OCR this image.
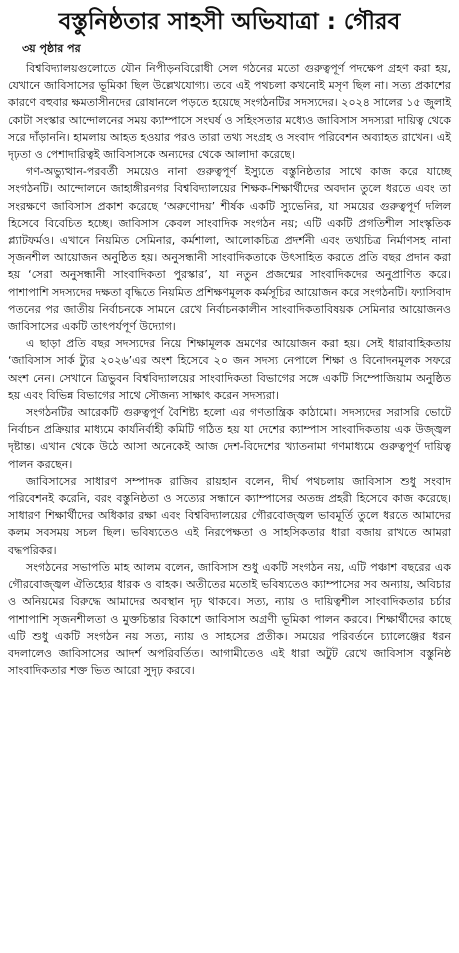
বস্তুনিষ্ঠতার সাহসী অভিযাত্রা : গৌরব
৩য় পৃষ্ঠার পর

বিশ্ববিদ্যালয়গুলোতে যৌন নিপীড়নবিরোধী সেল গঠনের মতো গুরুত্বপূর্ণ পদক্ষেপ গ্রহণ করা হয়, যেখানে জাবিসাসের ভূমিকা ছিল উল্লেখযোগ্য। তবে এই পথচলা কখনোই মসৃণ ছিল না। সত্য প্রকাশের কারণে বহুবার ক্ষমতাসীনদের রোষানলে পড়তে হয়েছে সংগঠনটির সদস্যদের। ২০২৪ সালের ১৫ জুলাই কোটা সংস্কার আন্দোলনের সময় ক্যাম্পাসে সংঘর্ষ ও সহিংসতার মধ্যেও জাবিসাস সদস্যরা দায়িত্ব থেকে সরে দাঁড়াননি। হামলায় আহত হওয়ার পরও তারা তথ্য সংগ্রহ ও সংবাদ পরিবেশন অব্যাহত রাখেন। এই দৃঢ়তা ও পেশাদারিত্বই জাবিসাসকে অন্যদের থেকে আলাদা করেছে।

গণ-অভ্যুত্থান-পরবর্তী সময়েও নানা গুরুত্বপূর্ণ ইস্যুতে বস্তুনিষ্ঠতার সাথে কাজ করে যাচ্ছে সংগঠনটি। আন্দোলনে জাহাঙ্গীরনগর বিশ্ববিদ্যালয়ের শিক্ষক-শিক্ষার্থীদের অবদান তুলে ধরতে এবং তা সংরক্ষণে জাবিসাস প্রকাশ করেছে ‘অরুণোদয়’ শীর্ষক একটি স্যুভেনির, যা সময়ের গুরুত্বপূর্ণ দলিল হিসেবে বিবেচিত হচ্ছে। জাবিসাস কেবল সাংবাদিক সংগঠন নয়; এটি একটি প্রগতিশীল সাংস্কৃতিক প্ল্যাটফর্মও। এখানে নিয়মিত সেমিনার, কর্মশালা, আলোকচিত্র প্রদর্শনী এবং তথ্যচিত্র নির্মাণসহ নানা সৃজনশীল আয়োজন অনুষ্ঠিত হয়। অনুসন্ধানী সাংবাদিকতাকে উৎসাহিত করতে প্রতি বছর প্রদান করা হয় ‘সেরা অনুসন্ধানী সাংবাদিকতা পুরস্কার’, যা নতুন প্রজন্মের সাংবাদিকদের অনুপ্রাণিত করে। পাশাপাশি সদস্যদের দক্ষতা বৃদ্ধিতে নিয়মিত প্রশিক্ষণমূলক কর্মসূচির আয়োজন করে সংগঠনটি। ফ্যাসিবাদ পতনের পর জাতীয় নির্বাচনকে সামনে রেখে নির্বাচনকালীন সাংবাদিকতাবিষয়ক সেমিনার আয়োজনও জাবিসাসের একটি তাৎপর্যপূর্ণ উদ্যোগ।

এ ছাড়া প্রতি বছর সদস্যদের নিয়ে শিক্ষামূলক ভ্রমণের আয়োজন করা হয়। সেই ধারাবাহিকতায় ‘জাবিসাস সার্ক ট্যুর ২০২৬’এর অংশ হিসেবে ২০ জন সদস্য নেপালে শিক্ষা ও বিনোদনমূলক সফরে অংশ নেন। সেখানে ত্রিভুবন বিশ্ববিদ্যালয়ের সাংবাদিকতা বিভাগের সঙ্গে একটি সিম্পোজিয়াম অনুষ্ঠিত হয় এবং বিভিন্ন বিভাগের সাথে সৌজন্য সাক্ষাৎ করেন সদস্যরা।

সংগঠনটির আরেকটি গুরুত্বপূর্ণ বৈশিষ্ট্য হলো এর গণতান্ত্রিক কাঠামো। সদস্যদের সরাসরি ভোটে নির্বাচন প্রক্রিয়ার মাধ্যমে কার্যনির্বাহী কমিটি গঠিত হয় যা দেশের ক্যাম্পাস সাংবাদিকতায় এক উজ্জ্বল দৃষ্টান্ত। এখান থেকে উঠে আসা অনেকেই আজ দেশ-বিদেশের খ্যাতনামা গণমাধ্যমে গুরুত্বপূর্ণ দায়িত্ব পালন করছেন।

জাবিসাসের সাধারণ সম্পাদক রাজিব রায়হান বলেন, দীর্ঘ পথচলায় জাবিসাস শুধু সংবাদ পরিবেশনই করেনি, বরং বস্তুনিষ্ঠতা ও সত্যের সন্ধানে ক্যাম্পাসের অতন্দ্র প্রহরী হিসেবে কাজ করেছে। সাধারণ শিক্ষার্থীদের অধিকার রক্ষা এবং বিশ্ববিদ্যালয়ের গৌরবোজ্জ্বল ভাবমূর্তি তুলে ধরতে আমাদের কলম সবসময় সচল ছিল। ভবিষ্যতেও এই নিরপেক্ষতা ও সাহসিকতার ধারা বজায় রাখতে আমরা বদ্ধপরিকর।

সংগঠনের সভাপতি মাহ আলম বলেন, জাবিসাস শুধু একটি সংগঠন নয়, এটি পঞ্চাশ বছরের এক গৌরবোজ্জ্বল ঐতিহ্যের ধারক ও বাহক। অতীতের মতোই ভবিষ্যতেও ক্যাম্পাসের সব অন্যায়, অবিচার ও অনিয়মের বিরুদ্ধে আমাদের অবস্থান দৃঢ় থাকবে। সত্য, ন্যায় ও দায়িত্বশীল সাংবাদিকতার চর্চার পাশাপাশি সৃজনশীলতা ও মুক্তচিন্তার বিকাশে জাবিসাস অগ্রণী ভূমিকা পালন করবে। শিক্ষার্থীদের কাছে এটি শুধু একটি সংগঠন নয় সত্য, ন্যায় ও সাহসের প্রতীক। সময়ের পরিবর্তনে চ্যালেঞ্জের ধরন বদলালেও জাবিসাসের আদর্শ অপরিবর্তিত। আগামীতেও এই ধারা অটুট রেখে জাবিসাস বস্তুনিষ্ঠ সাংবাদিকতার শক্ত ভিত আরো সুদৃঢ় করবে।
